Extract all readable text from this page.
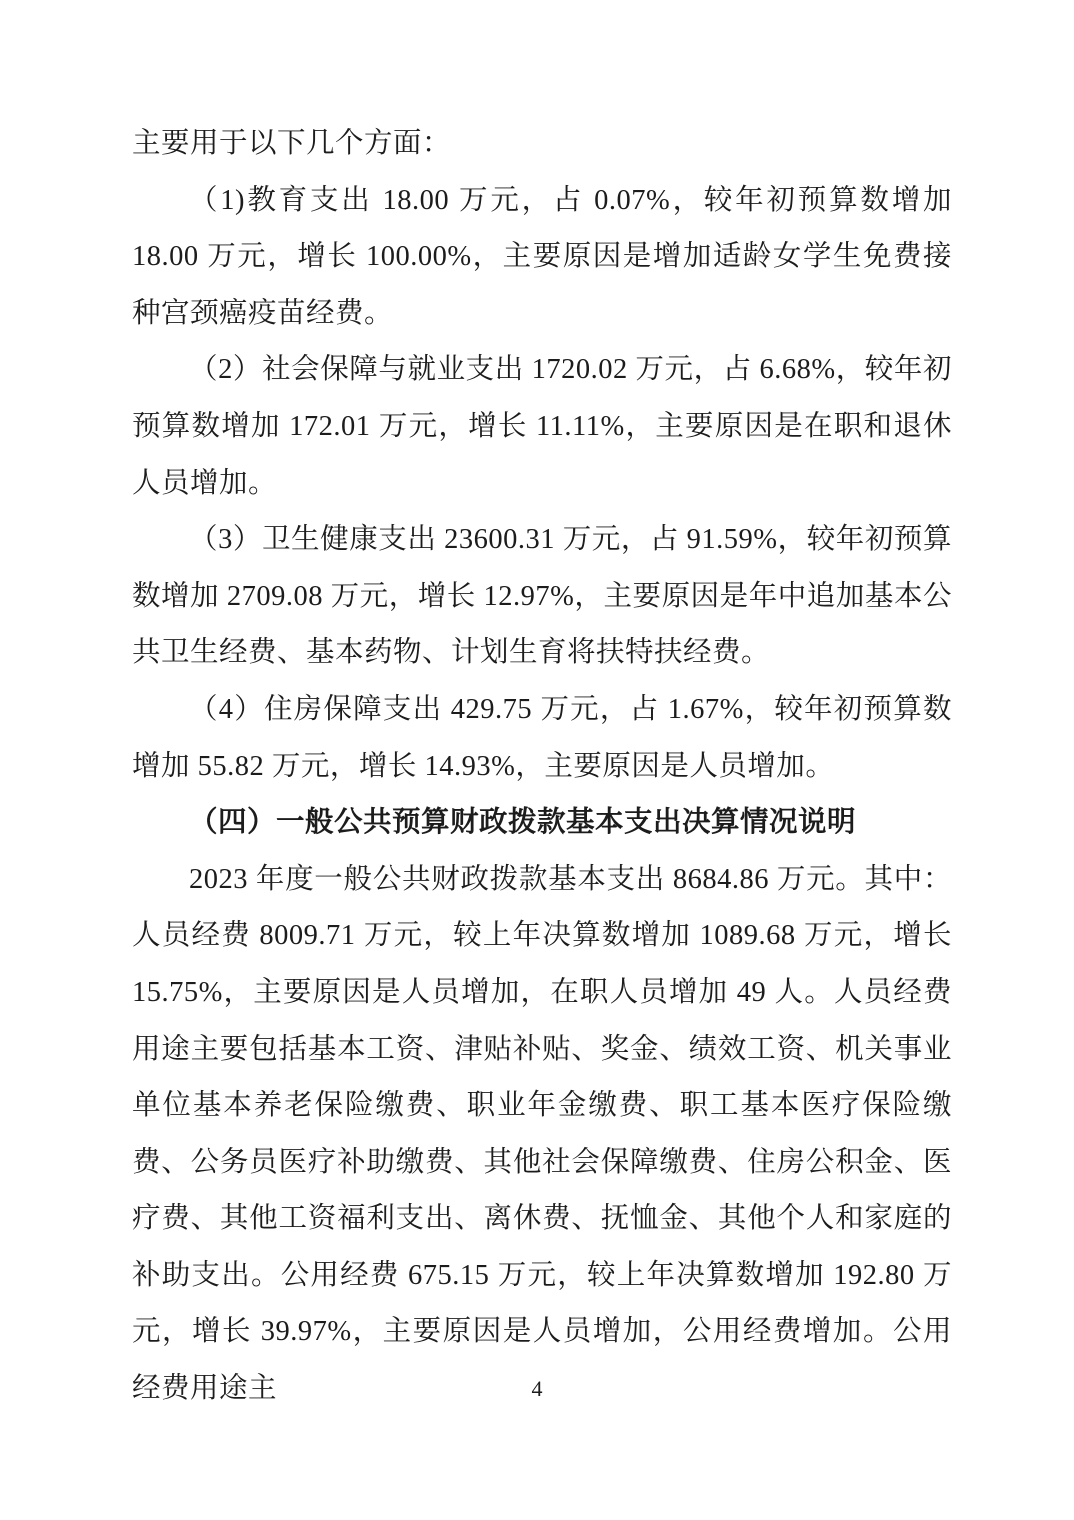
主要用于以下几个方面：

（1)教育支出 18.00 万元，占 0.07%，较年初预算数增加 18.00 万元，增长 100.00%，主要原因是增加适龄女学生免费接种宫颈癌疫苗经费。

（2）社会保障与就业支出 1720.02 万元，占 6.68%，较年初预算数增加 172.01 万元，增长 11.11%，主要原因是在职和退休人员增加。

（3）卫生健康支出 23600.31 万元，占 91.59%，较年初预算数增加 2709.08 万元，增长 12.97%，主要原因是年中追加基本公共卫生经费、基本药物、计划生育将扶特扶经费。

（4）住房保障支出 429.75 万元，占 1.67%，较年初预算数增加 55.82 万元，增长 14.93%，主要原因是人员增加。

（四）一般公共预算财政拨款基本支出决算情况说明

2023 年度一般公共财政拨款基本支出 8684.86 万元。其中：人员经费 8009.71 万元，较上年决算数增加 1089.68 万元，增长 15.75%，主要原因是人员增加，在职人员增加 49 人。人员经费用途主要包括基本工资、津贴补贴、奖金、绩效工资、机关事业单位基本养老保险缴费、职业年金缴费、职工基本医疗保险缴费、公务员医疗补助缴费、其他社会保障缴费、住房公积金、医疗费、其他工资福利支出、离休费、抚恤金、其他个人和家庭的补助支出。公用经费 675.15 万元，较上年决算数增加 192.80 万元，增长 39.97%，主要原因是人员增加，公用经费增加。公用经费用途主	4
